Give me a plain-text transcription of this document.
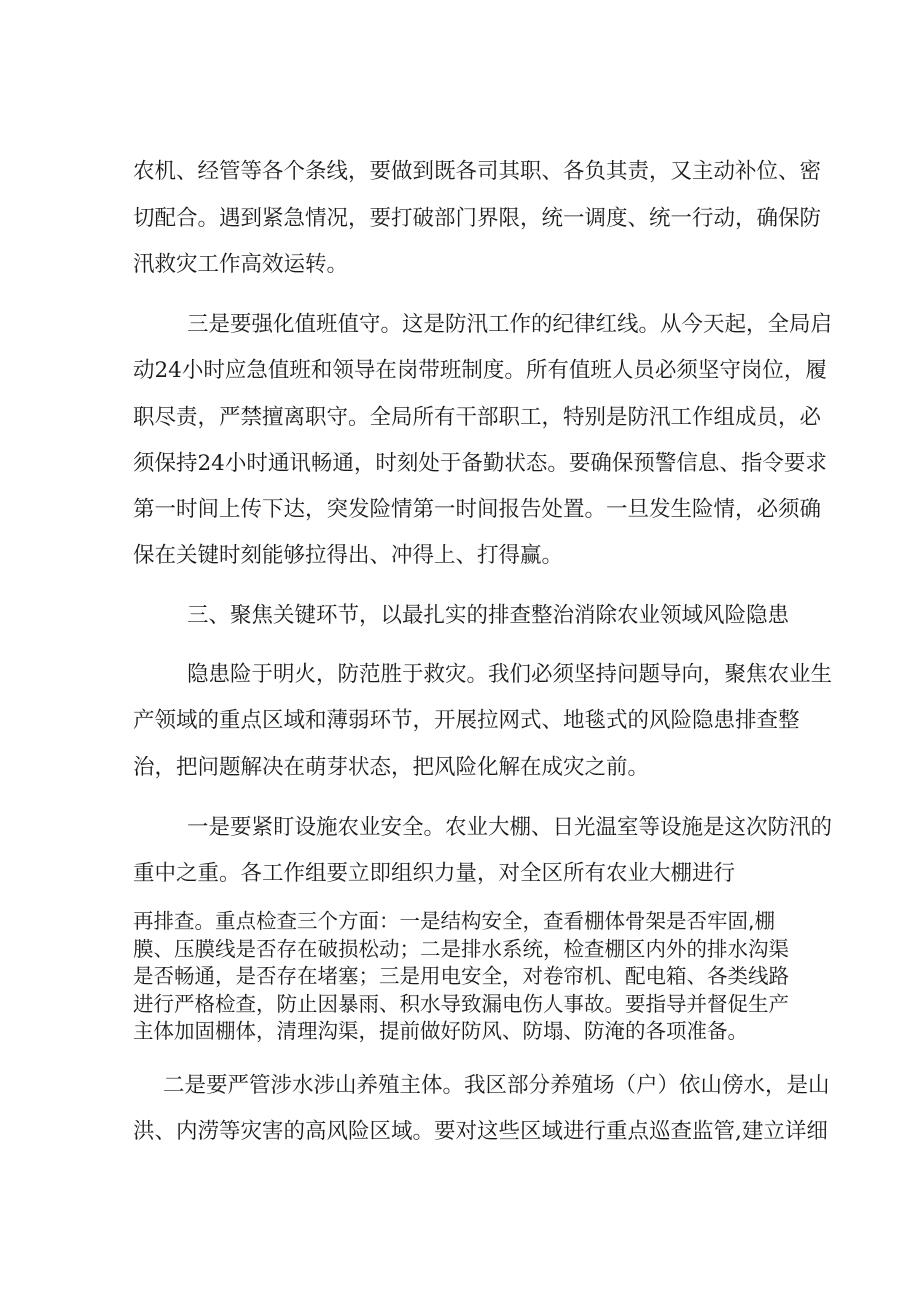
农机、经管等各个条线，要做到既各司其职、各负其责，又主动补位、密
切配合。遇到紧急情况，要打破部门界限，统一调度、统一行动，确保防
汛救灾工作高效运转。
三是要强化值班值守。这是防汛工作的纪律红线。从今天起，全局启
动24小时应急值班和领导在岗带班制度。所有值班人员必须坚守岗位，履
职尽责，严禁擅离职守。全局所有干部职工，特别是防汛工作组成员，必
须保持24小时通讯畅通，时刻处于备勤状态。要确保预警信息、指令要求
第一时间上传下达，突发险情第一时间报告处置。一旦发生险情，必须确
保在关键时刻能够拉得出、冲得上、打得赢。
三、聚焦关键环节，以最扎实的排查整治消除农业领域风险隐患
隐患险于明火，防范胜于救灾。我们必须坚持问题导向，聚焦农业生
产领域的重点区域和薄弱环节，开展拉网式、地毯式的风险隐患排查整
治，把问题解决在萌芽状态，把风险化解在成灾之前。
一是要紧盯设施农业安全。农业大棚、日光温室等设施是这次防汛的
重中之重。各工作组要立即组织力量，对全区所有农业大棚进行
再排查。重点检查三个方面：一是结构安全，查看棚体骨架是否牢固,棚
膜、压膜线是否存在破损松动；二是排水系统，检查棚区内外的排水沟渠
是否畅通，是否存在堵塞；三是用电安全，对卷帘机、配电箱、各类线路
进行严格检查，防止因暴雨、积水导致漏电伤人事故。要指导并督促生产
主体加固棚体，清理沟渠，提前做好防风、防塌、防淹的各项准备。
二是要严管涉水涉山养殖主体。我区部分养殖场（户）依山傍水，是山
洪、内涝等灾害的高风险区域。要对这些区域进行重点巡查监管,建立详细
